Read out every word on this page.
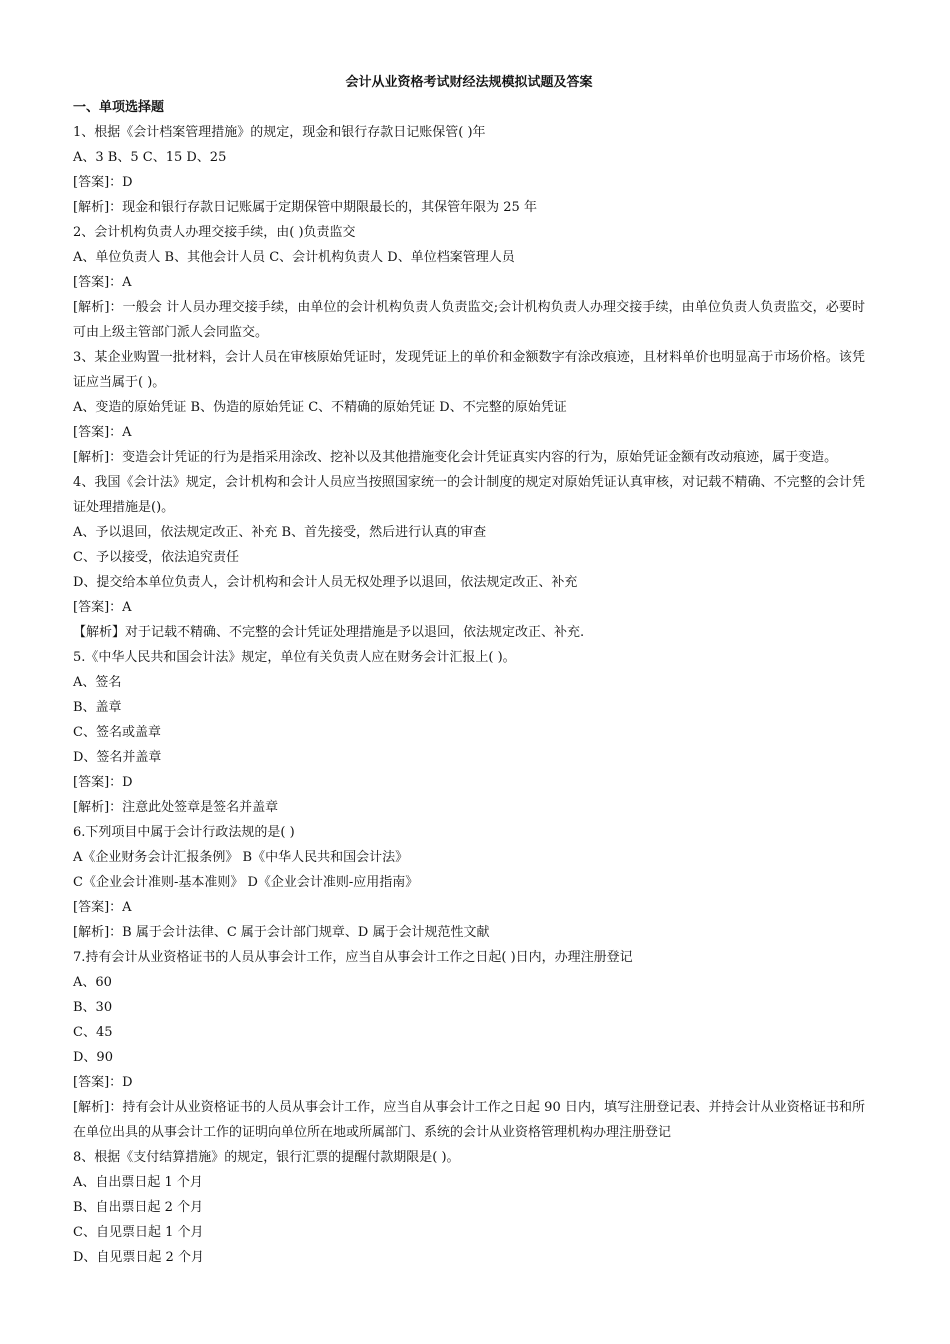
会计从业资格考试财经法规模拟试题及答案
一、单项选择题
1、根据《会计档案管理措施》的规定，现金和银行存款日记账保管( )年
A、3 B、5 C、15 D、25
[答案]：D
[解析]：现金和银行存款日记账属于定期保管中期限最长的，其保管年限为 25 年
2、会计机构负责人办理交接手续，由( )负责监交
A、单位负责人 B、其他会计人员 C、会计机构负责人 D、单位档案管理人员
[答案]：A
[解析]：一般会 计人员办理交接手续，由单位的会计机构负责人负责监交;会计机构负责人办理交接手续，由单位负责人负责监交，必要时可由上级主管部门派人会同监交。
3、某企业购置一批材料，会计人员在审核原始凭证时，发现凭证上的单价和金额数字有涂改痕迹，且材料单价也明显高于市场价格。该凭证应当属于( )。
A、变造的原始凭证 B、伪造的原始凭证 C、不精确的原始凭证 D、不完整的原始凭证
[答案]：A
[解析]：变造会计凭证的行为是指采用涂改、挖补以及其他措施变化会计凭证真实内容的行为，原始凭证金额有改动痕迹，属于变造。
4、我国《会计法》规定，会计机构和会计人员应当按照国家统一的会计制度的规定对原始凭证认真审核，对记载不精确、不完整的会计凭证处理措施是()。
A、予以退回，依法规定改正、补充 B、首先接受，然后进行认真的审查
C、予以接受，依法追究责任
D、提交给本单位负责人，会计机构和会计人员无权处理予以退回，依法规定改正、补充
[答案]：A
【解析】对于记载不精确、不完整的会计凭证处理措施是予以退回，依法规定改正、补充.
5.《中华人民共和国会计法》规定，单位有关负责人应在财务会计汇报上( )。
A、签名
B、盖章
C、签名或盖章
D、签名并盖章
[答案]：D
[解析]：注意此处签章是签名并盖章
6.下列项目中属于会计行政法规的是( )
A《企业财务会计汇报条例》 B《中华人民共和国会计法》
C《企业会计准则-基本准则》 D《企业会计准则-应用指南》
[答案]：A
[解析]：B 属于会计法律、C 属于会计部门规章、D 属于会计规范性文献
7.持有会计从业资格证书的人员从事会计工作，应当自从事会计工作之日起( )日内，办理注册登记
A、60
B、30
C、45
D、90
[答案]：D
[解析]：持有会计从业资格证书的人员从事会计工作，应当自从事会计工作之日起 90 日内，填写注册登记表、并持会计从业资格证书和所在单位出具的从事会计工作的证明向单位所在地或所属部门、系统的会计从业资格管理机构办理注册登记
8、根据《支付结算措施》的规定，银行汇票的提醒付款期限是( )。
A、自出票日起 1 个月
B、自出票日起 2 个月
C、自见票日起 1 个月
D、自见票日起 2 个月
